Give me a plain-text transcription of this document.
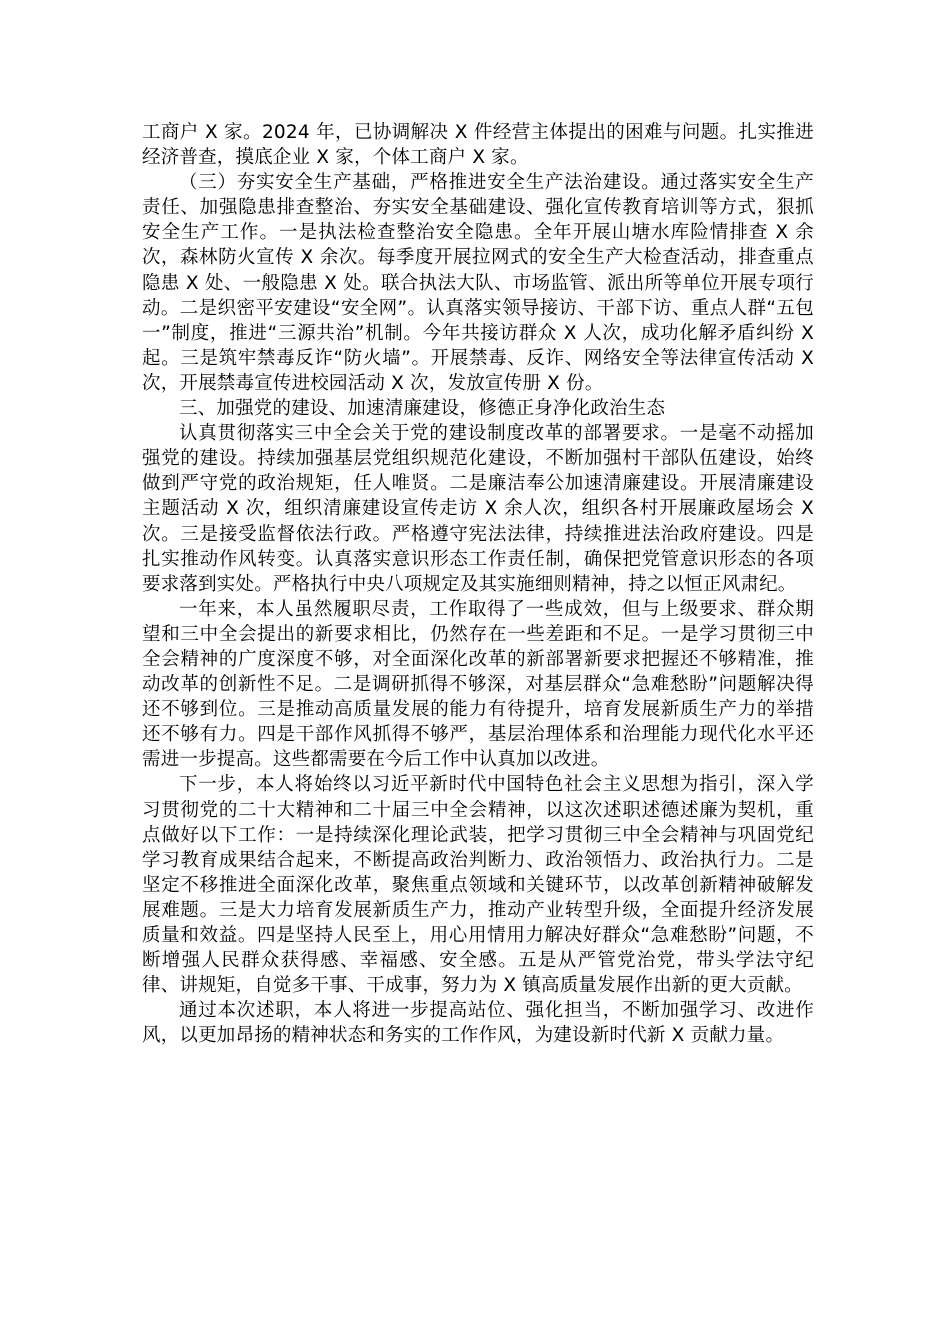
工商户 X 家。2024 年，已协调解决 X 件经营主体提出的困难与问题。扎实推进经济普查，摸底企业 X 家，个体工商户 X 家。

（三）夯实安全生产基础，严格推进安全生产法治建设。通过落实安全生产责任、加强隐患排查整治、夯实安全基础建设、强化宣传教育培训等方式，狠抓安全生产工作。一是执法检查整治安全隐患。全年开展山塘水库险情排查 X 余次，森林防火宣传 X 余次。每季度开展拉网式的安全生产大检查活动，排查重点隐患 X 处、一般隐患 X 处。联合执法大队、市场监管、派出所等单位开展专项行动。二是织密平安建设“安全网”。认真落实领导接访、干部下访、重点人群“五包一”制度，推进“三源共治”机制。今年共接访群众 X 人次，成功化解矛盾纠纷 X 起。三是筑牢禁毒反诈“防火墙”。开展禁毒、反诈、网络安全等法律宣传活动 X 次，开展禁毒宣传进校园活动 X 次，发放宣传册 X 份。

三、加强党的建设、加速清廉建设，修德正身净化政治生态

认真贯彻落实三中全会关于党的建设制度改革的部署要求。一是毫不动摇加强党的建设。持续加强基层党组织规范化建设，不断加强村干部队伍建设，始终做到严守党的政治规矩，任人唯贤。二是廉洁奉公加速清廉建设。开展清廉建设主题活动 X 次，组织清廉建设宣传走访 X 余人次，组织各村开展廉政屋场会 X 次。三是接受监督依法行政。严格遵守宪法法律，持续推进法治政府建设。四是扎实推动作风转变。认真落实意识形态工作责任制，确保把党管意识形态的各项要求落到实处。严格执行中央八项规定及其实施细则精神，持之以恒正风肃纪。

一年来，本人虽然履职尽责，工作取得了一些成效，但与上级要求、群众期望和三中全会提出的新要求相比，仍然存在一些差距和不足。一是学习贯彻三中全会精神的广度深度不够，对全面深化改革的新部署新要求把握还不够精准，推动改革的创新性不足。二是调研抓得不够深，对基层群众“急难愁盼”问题解决得还不够到位。三是推动高质量发展的能力有待提升，培育发展新质生产力的举措还不够有力。四是干部作风抓得不够严，基层治理体系和治理能力现代化水平还需进一步提高。这些都需要在今后工作中认真加以改进。

下一步，本人将始终以习近平新时代中国特色社会主义思想为指引，深入学习贯彻党的二十大精神和二十届三中全会精神，以这次述职述德述廉为契机，重点做好以下工作：一是持续深化理论武装，把学习贯彻三中全会精神与巩固党纪学习教育成果结合起来，不断提高政治判断力、政治领悟力、政治执行力。二是坚定不移推进全面深化改革，聚焦重点领域和关键环节，以改革创新精神破解发展难题。三是大力培育发展新质生产力，推动产业转型升级，全面提升经济发展质量和效益。四是坚持人民至上，用心用情用力解决好群众“急难愁盼”问题，不断增强人民群众获得感、幸福感、安全感。五是从严管党治党，带头学法守纪律、讲规矩，自觉多干事、干成事，努力为 X 镇高质量发展作出新的更大贡献。

通过本次述职，本人将进一步提高站位、强化担当，不断加强学习、改进作风，以更加昂扬的精神状态和务实的工作作风，为建设新时代新 X 贡献力量。
